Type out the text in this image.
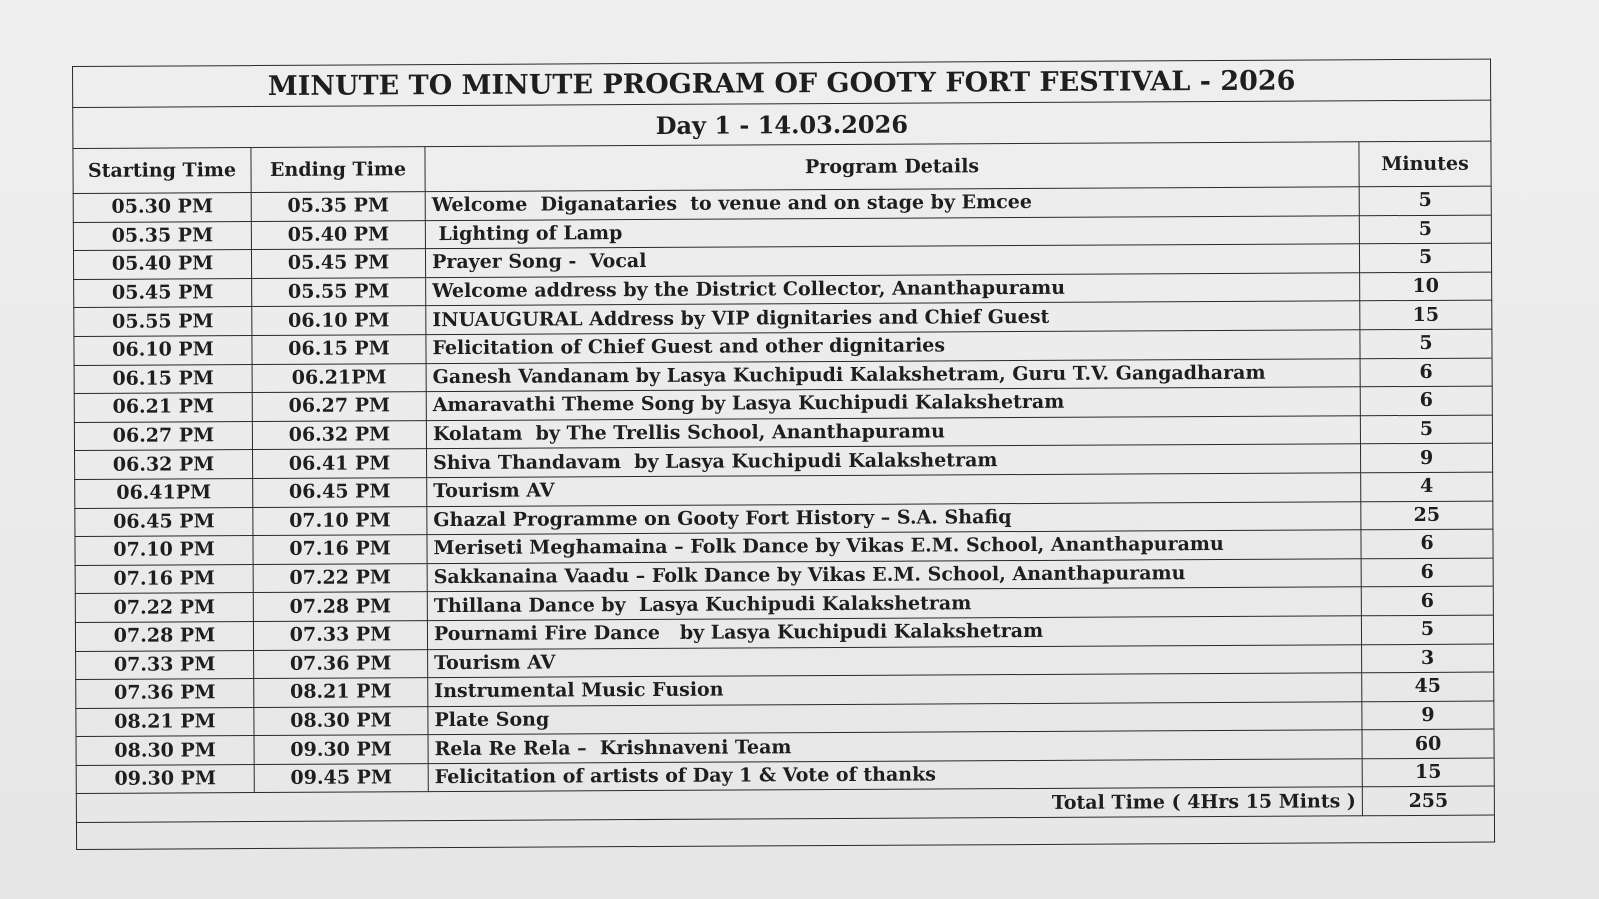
MINUTE TO MINUTE PROGRAM OF GOOTY FORT FESTIVAL - 2026			
Day 1 - 14.03.2026			
Starting Time	Ending Time	Program Details	Minutes
05.30 PM	05.35 PM	Welcome  Diganataries  to venue and on stage by Emcee	5
05.35 PM	05.40 PM	Lighting of Lamp	5
05.40 PM	05.45 PM	Prayer Song -  Vocal	5
05.45 PM	05.55 PM	Welcome address by the District Collector, Ananthapuramu	10
05.55 PM	06.10 PM	INUAUGURAL Address by VIP dignitaries and Chief Guest	15
06.10 PM	06.15 PM	Felicitation of Chief Guest and other dignitaries	5
06.15 PM	06.21PM	Ganesh Vandanam by Lasya Kuchipudi Kalakshetram, Guru T.V. Gangadharam	6
06.21 PM	06.27 PM	Amaravathi Theme Song by Lasya Kuchipudi Kalakshetram	6
06.27 PM	06.32 PM	Kolatam  by The Trellis School, Ananthapuramu	5
06.32 PM	06.41 PM	Shiva Thandavam  by Lasya Kuchipudi Kalakshetram	9
06.41PM	06.45 PM	Tourism AV	4
06.45 PM	07.10 PM	Ghazal Programme on Gooty Fort History – S.A. Shafiq	25
07.10 PM	07.16 PM	Meriseti Meghamaina – Folk Dance by Vikas E.M. School, Ananthapuramu	6
07.16 PM	07.22 PM	Sakkanaina Vaadu – Folk Dance by Vikas E.M. School, Ananthapuramu	6
07.22 PM	07.28 PM	Thillana Dance by  Lasya Kuchipudi Kalakshetram	6
07.28 PM	07.33 PM	Pournami Fire Dance   by Lasya Kuchipudi Kalakshetram	5
07.33 PM	07.36 PM	Tourism AV	3
07.36 PM	08.21 PM	Instrumental Music Fusion	45
08.21 PM	08.30 PM	Plate Song	9
08.30 PM	09.30 PM	Rela Re Rela –  Krishnaveni Team	60
09.30 PM	09.45 PM	Felicitation of artists of Day 1 & Vote of thanks	15
Total Time ( 4Hrs 15 Mints )			255
